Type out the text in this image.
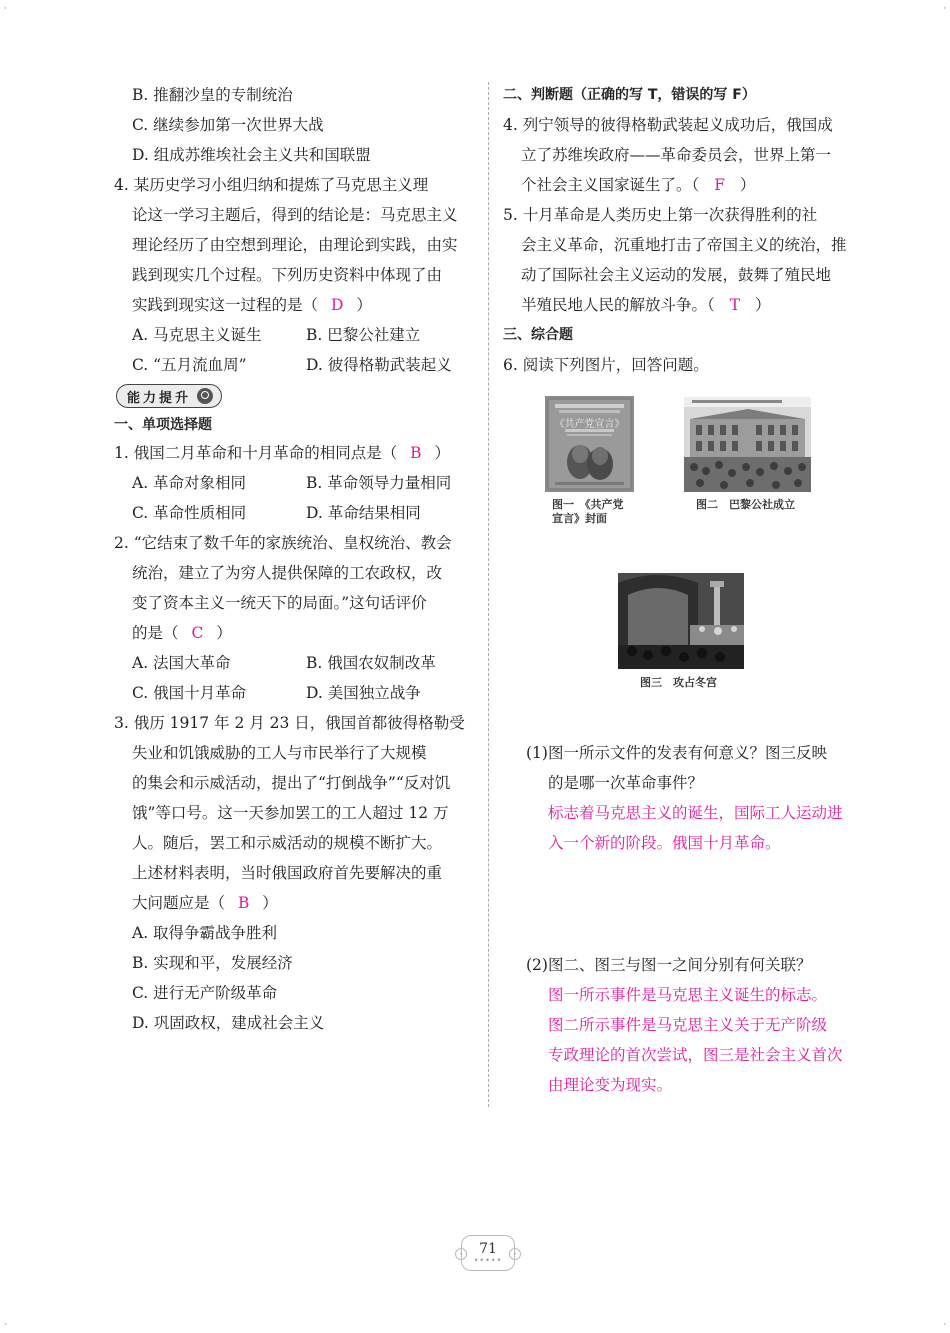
·	·
·	·
B. 推翻沙皇的专制统治
C. 继续参加第一次世界大战
D. 组成苏维埃社会主义共和国联盟
4. 某历史学习小组归纳和提炼了马克思主义理
论这一学习主题后，得到的结论是：马克思主义
理论经历了由空想到理论，由理论到实践，由实
践到现实几个过程。下列历史资料中体现了由
实践到现实这一过程的是（ D ）
A. 马克思主义诞生	B. 巴黎公社建立
C. “五月流血周”	D. 彼得格勒武装起义
能力提升
一、单项选择题
1. 俄国二月革命和十月革命的相同点是（ B ）
A. 革命对象相同	B. 革命领导力量相同
C. 革命性质相同	D. 革命结果相同
2. “它结束了数千年的家族统治、皇权统治、教会
统治，建立了为穷人提供保障的工农政权，改
变了资本主义一统天下的局面。”这句话评价
的是（ C ）
A. 法国大革命	B. 俄国农奴制改革
C. 俄国十月革命	D. 美国独立战争
3. 俄历 1917 年 2 月 23 日，俄国首都彼得格勒受
失业和饥饿威胁的工人与市民举行了大规模
的集会和示威活动，提出了“打倒战争”“反对饥
饿”等口号。这一天参加罢工的工人超过 12 万
人。随后，罢工和示威活动的规模不断扩大。
上述材料表明，当时俄国政府首先要解决的重
大问题应是（ B ）
A. 取得争霸战争胜利
B. 实现和平，发展经济
C. 进行无产阶级革命
D. 巩固政权，建成社会主义
二、判断题（正确的写 T，错误的写 F）
4. 列宁领导的彼得格勒武装起义成功后，俄国成
立了苏维埃政府——革命委员会，世界上第一
个社会主义国家诞生了。（ F ）
5. 十月革命是人类历史上第一次获得胜利的社
会主义革命，沉重地打击了帝国主义的统治，推
动了国际社会主义运动的发展，鼓舞了殖民地
半殖民地人民的解放斗争。（ T ）
三、综合题
6. 阅读下列图片，回答问题。
《共产党宣言》
图一　《共产党
宣言》封面
图二　巴黎公社成立
图三　攻占冬宫
(1)图一所示文件的发表有何意义？图三反映
的是哪一次革命事件？
标志着马克思主义的诞生，国际工人运动进
入一个新的阶段。俄国十月革命。
(2)图二、图三与图一之间分别有何关联？
图一所示事件是马克思主义诞生的标志。
图二所示事件是马克思主义关于无产阶级
专政理论的首次尝试，图三是社会主义首次
由理论变为现实。
‹	71
•••••
›
